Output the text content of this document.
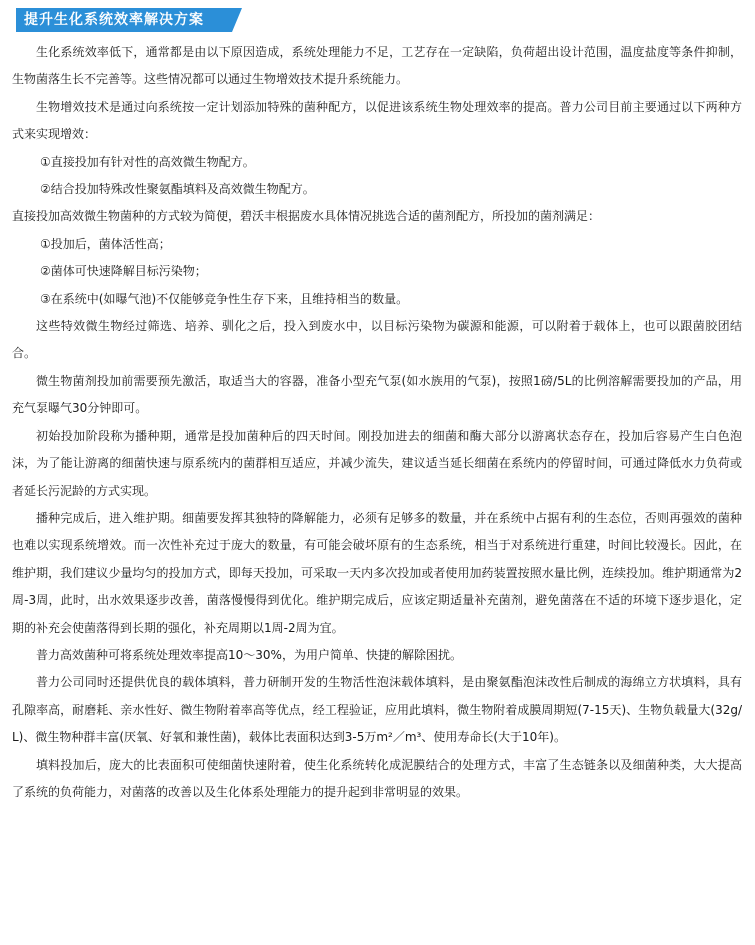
提升生化系统效率解决方案

生化系统效率低下，通常都是由以下原因造成，系统处理能力不足，工艺存在一定缺陷，负荷超出设计范围，温度盐度等条件抑制，生物菌落生长不完善等。这些情况都可以通过生物增效技术提升系统能力。

生物增效技术是通过向系统按一定计划添加特殊的菌种配方，以促进该系统生物处理效率的提高。普力公司目前主要通过以下两种方式来实现增效：

①直接投加有针对性的高效微生物配方。

②结合投加特殊改性聚氨酯填料及高效微生物配方。

直接投加高效微生物菌种的方式较为简便，碧沃丰根据废水具体情况挑选合适的菌剂配方，所投加的菌剂满足：

①投加后，菌体活性高；

②菌体可快速降解目标污染物；

③在系统中(如曝气池)不仅能够竞争性生存下来，且维持相当的数量。

这些特效微生物经过筛选、培养、驯化之后，投入到废水中，以目标污染物为碳源和能源，可以附着于载体上，也可以跟菌胶团结合。

微生物菌剂投加前需要预先激活，取适当大的容器，准备小型充气泵(如水族用的气泵)，按照1磅/5L的比例溶解需要投加的产品，用充气泵曝气30分钟即可。

初始投加阶段称为播种期，通常是投加菌种后的四天时间。刚投加进去的细菌和酶大部分以游离状态存在，投加后容易产生白色泡沫，为了能让游离的细菌快速与原系统内的菌群相互适应，并减少流失，建议适当延长细菌在系统内的停留时间，可通过降低水力负荷或者延长污泥龄的方式实现。

播种完成后，进入维护期。细菌要发挥其独特的降解能力，必须有足够多的数量，并在系统中占据有利的生态位，否则再强效的菌种也难以实现系统增效。而一次性补充过于庞大的数量，有可能会破坏原有的生态系统，相当于对系统进行重建，时间比较漫长。因此，在维护期，我们建议少量均匀的投加方式，即每天投加，可采取一天内多次投加或者使用加药装置按照水量比例，连续投加。维护期通常为2周-3周，此时，出水效果逐步改善，菌落慢慢得到优化。维护期完成后，应该定期适量补充菌剂，避免菌落在不适的环境下逐步退化，定期的补充会使菌落得到长期的强化，补充周期以1周-2周为宜。

普力高效菌种可将系统处理效率提高10～30%，为用户简单、快捷的解除困扰。

普力公司同时还提供优良的载体填料，普力研制开发的生物活性泡沫载体填料，是由聚氨酯泡沫改性后制成的海绵立方状填料，具有孔隙率高，耐磨耗、亲水性好、微生物附着率高等优点，经工程验证，应用此填料，微生物附着成膜周期短(7-15天)、生物负载量大(32g/L)、微生物种群丰富(厌氧、好氧和兼性菌)，载体比表面积达到3-5万m²／m³、使用寿命长(大于10年)。

填料投加后，庞大的比表面积可使细菌快速附着，使生化系统转化成泥膜结合的处理方式，丰富了生态链条以及细菌种类，大大提高了系统的负荷能力，对菌落的改善以及生化体系处理能力的提升起到非常明显的效果。
